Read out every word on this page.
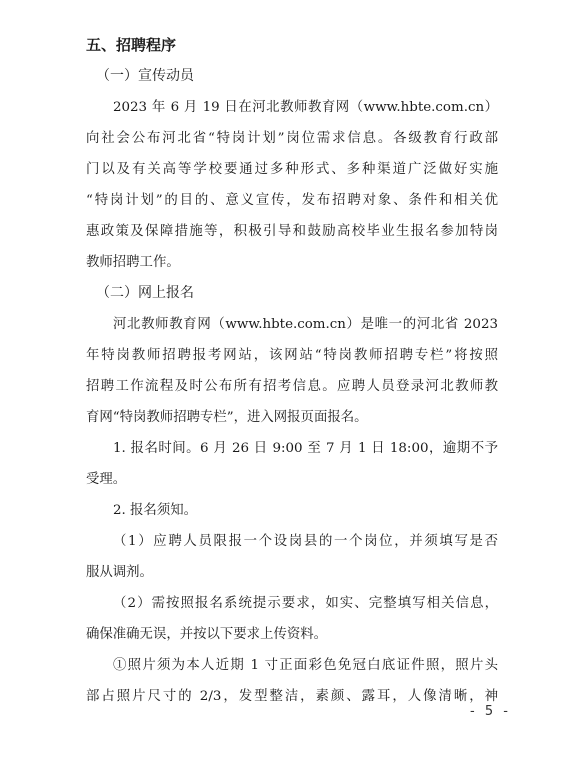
五、招聘程序
（一）宣传动员
2023 年 6 月 19 日在河北教师教育网（www.hbte.com.cn）
向社会公布河北省“特岗计划”岗位需求信息。各级教育行政部
门以及有关高等学校要通过多种形式、多种渠道广泛做好实施
“特岗计划”的目的、意义宣传，发布招聘对象、条件和相关优
惠政策及保障措施等，积极引导和鼓励高校毕业生报名参加特岗
教师招聘工作。
（二）网上报名
河北教师教育网（www.hbte.com.cn）是唯一的河北省 2023
年特岗教师招聘报考网站，该网站“特岗教师招聘专栏”将按照
招聘工作流程及时公布所有招考信息。应聘人员登录河北教师教
育网“特岗教师招聘专栏”，进入网报页面报名。
1. 报名时间。6 月 26 日 9:00 至 7 月 1 日 18:00，逾期不予
受理。
2. 报名须知。
（1）应聘人员限报一个设岗县的一个岗位，并须填写是否
服从调剂。
（2）需按照报名系统提示要求，如实、完整填写相关信息，
确保准确无误，并按以下要求上传资料。
①照片须为本人近期 1 寸正面彩色免冠白底证件照，照片头
部占照片尺寸的 2/3，发型整洁，素颜、露耳，人像清晰，神
- 5 -
